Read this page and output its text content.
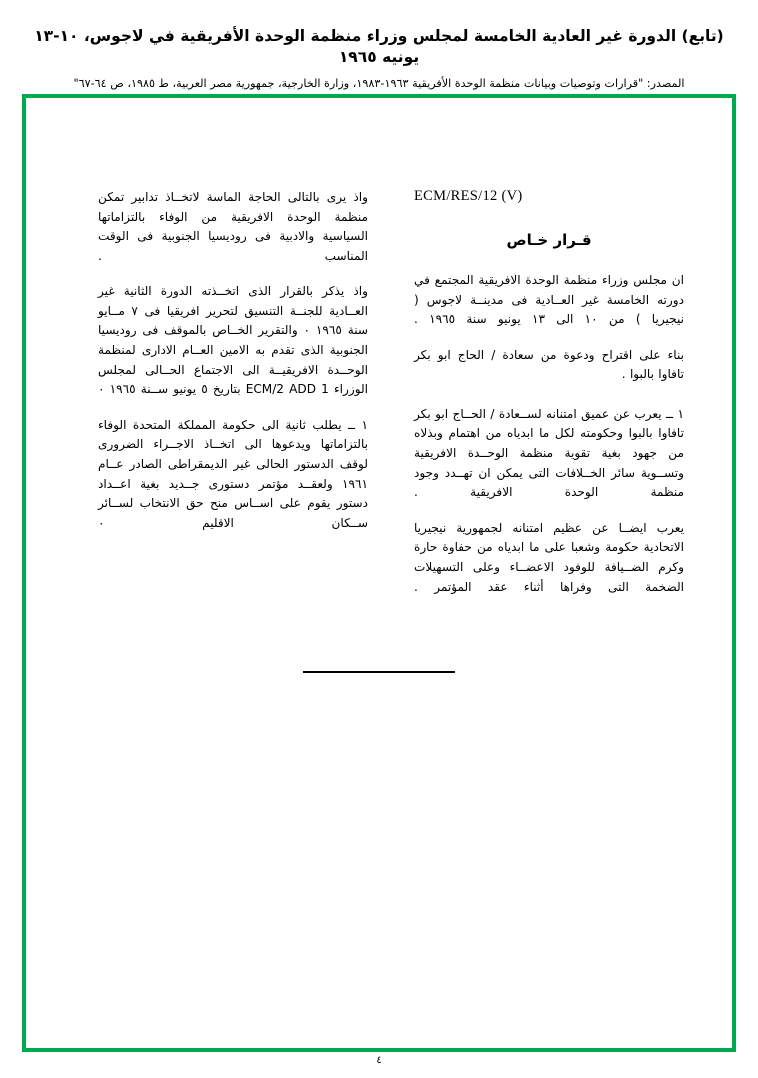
(تابع) الدورة غير العادية الخامسة لمجلس وزراء منظمة الوحدة الأفريقية في لاجوس، ١٠-١٣ يونيه ١٩٦٥
المصدر: "قرارات وتوصيات وبيانات منظمة الوحدة الأفريقية ١٩٦٣-١٩٨٣، وزارة الخارجية، جمهورية مصر العربية، ط ١٩٨٥، ص ٦٤-٦٧"
ECM/RES/12 (V)
قـرار خـاص

ان مجلس وزراء منظمة الوحدة الافريقية المجتمع في دورته الخامسة غير العــادية فى مدينــة لاجوس ( نيجيريا ) من ١٠ الى ١٣ يونيو سنة ١٩٦٥ .

بناء على اقتراح ودعوة من سعادة / الحاج ابو بكر تافاوا بالبوا .

١ ــ يعرب عن عميق امتنانه لســعادة / الحــاج ابو بكر تافاوا بالبوا وحكومته لكل ما ابدياه من اهتمام وبذلاه من جهود بغية تقوية منظمة الوحــدة الافريقية وتســوية سائر الخــلافات التى يمكن ان تهــدد وجود منظمة الوحدة الافريقية .

يعرب ايضــا عن عظيم امتنانه لجمهورية نيجيريا الاتحادية حكومة وشعبا على ما ابدياه من حفاوة حارة وكرم الضــيافة للوفود الاعضــاء وعلى التسهيلات الضخمة التى وفراها أثناء عقد المؤتمر .

واذ يرى بالتالى الحاجة الماسة لاتخــاذ تدابير تمكن منظمة الوحدة الافريقية من الوفاء بالتزاماتها السياسية والادبية فى روديسيا الجنوبية فى الوقت المناسب .

واذ يذكر بالقرار الذى اتخــذته الدورة الثانية غير العــادية للجنــة التنسيق لتحرير افريقيا فى ٧ مــايو سنة ١٩٦٥ ٠ والتقرير الخــاص بالموقف فى روديسيا الجنوبية الذى تقدم به الامين العــام الادارى لمنظمة الوحــدة الافريقيــة الى الاجتماع الحــالى لمجلس الوزراء ECM/2 ADD 1 بتاريخ ٥ يونيو ســنة ١٩٦٥ ٠

١ ــ يطلب ثانية الى حكومة المملكة المتحدة الوفاء بالتزاماتها ويدعوها الى اتخــاذ الاجــراء الضرورى لوقف الدستور الحالى غير الديمقراطى الصادر عــام ١٩٦١ ولعقــد مؤتمر دستورى جــديد بغية اعــداد دستور يقوم على اســاس منح حق الانتخاب لســائر ســكان الاقليم ٠

٤
